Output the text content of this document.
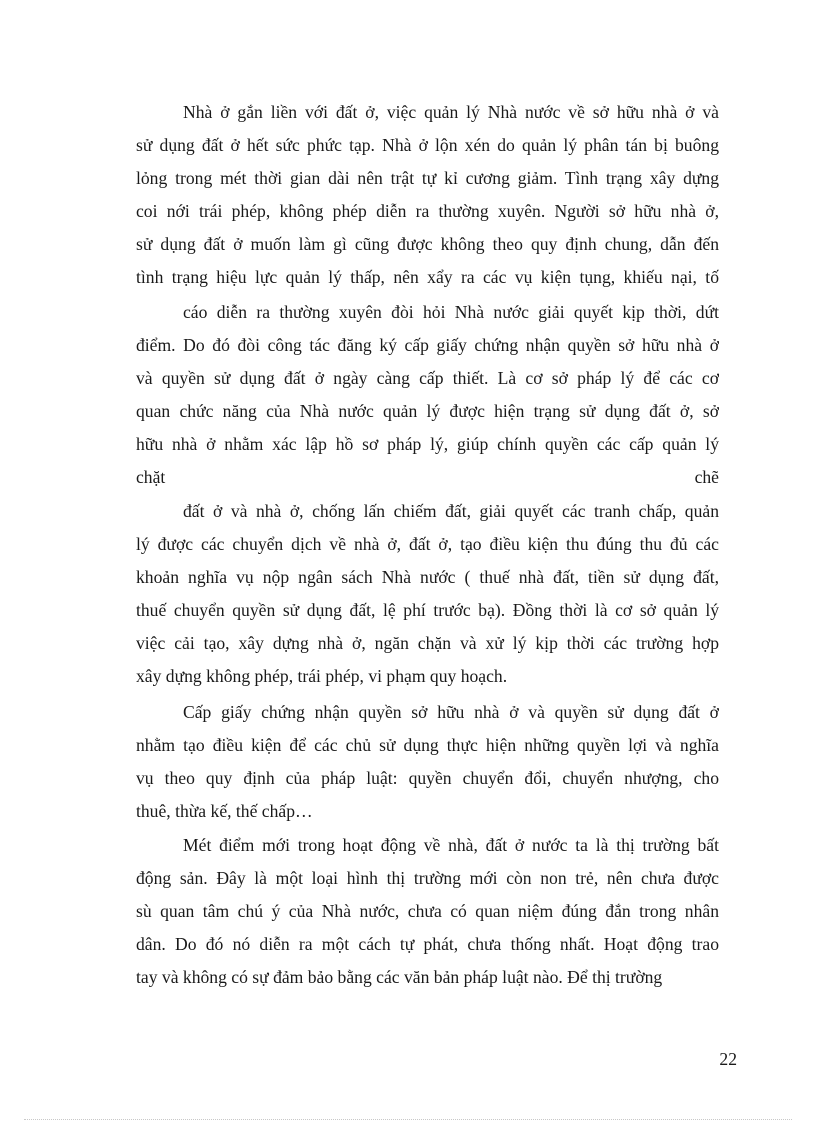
Nhà ở gắn liền với đất ở, việc quản lý Nhà nước về sở hữu nhà ở và
sử dụng đất ở hết sức phức tạp. Nhà ở lộn xén do quản lý phân tán bị buông
lỏng trong mét thời gian dài nên trật tự kỉ cương giảm. Tình trạng xây dựng
coi nới trái phép, không phép diễn ra thường xuyên. Người sở hữu nhà ở,
sử dụng đất ở muốn làm gì cũng được không theo quy định chung, dẫn đến
tình trạng hiệu lực quản lý thấp, nên xẩy ra các vụ kiện tụng, khiếu nại, tố
cáo diễn ra thường xuyên đòi hỏi Nhà nước giải quyết kịp thời, dứt
điểm. Do đó đòi công tác đăng ký cấp giấy chứng nhận quyền sở hữu nhà ở
và quyền sử dụng đất ở ngày càng cấp thiết. Là cơ sở pháp lý để các cơ
quan chức năng của Nhà nước quản lý được hiện trạng sử dụng đất ở, sở
hữu nhà ở nhằm xác lập hồ sơ pháp lý, giúp chính quyền các cấp quản lý
chặt chẽ
đất ở và nhà ở, chống lấn chiếm đất, giải quyết các tranh chấp, quản
lý được các chuyển dịch về nhà ở, đất ở, tạo điều kiện thu đúng thu đủ các
khoản nghĩa vụ nộp ngân sách Nhà nước ( thuế nhà đất, tiền sử dụng đất,
thuế chuyển quyền sử dụng đất, lệ phí trước bạ). Đồng thời là cơ sở quản lý
việc cải tạo, xây dựng nhà ở, ngăn chặn và xử lý kịp thời các trường hợp
xây dựng không phép, trái phép, vi phạm quy hoạch.
Cấp giấy chứng nhận quyền sở hữu nhà ở và quyền sử dụng đất ở
nhằm tạo điều kiện để các chủ sử dụng thực hiện những quyền lợi và nghĩa
vụ theo quy định của pháp luật: quyền chuyển đổi, chuyển nhượng, cho
thuê, thừa kế, thế chấp…
Mét điểm mới trong hoạt động về nhà, đất ở nước ta là thị trường bất
động sản. Đây là một loại hình thị trường mới còn non trẻ, nên chưa được
sù quan tâm chú ý của Nhà nước, chưa có quan niệm đúng đắn trong nhân
dân. Do đó nó diễn ra một cách tự phát, chưa thống nhất. Hoạt động trao
tay và không có sự đảm bảo bằng các văn bản pháp luật nào. Để thị trường
22
